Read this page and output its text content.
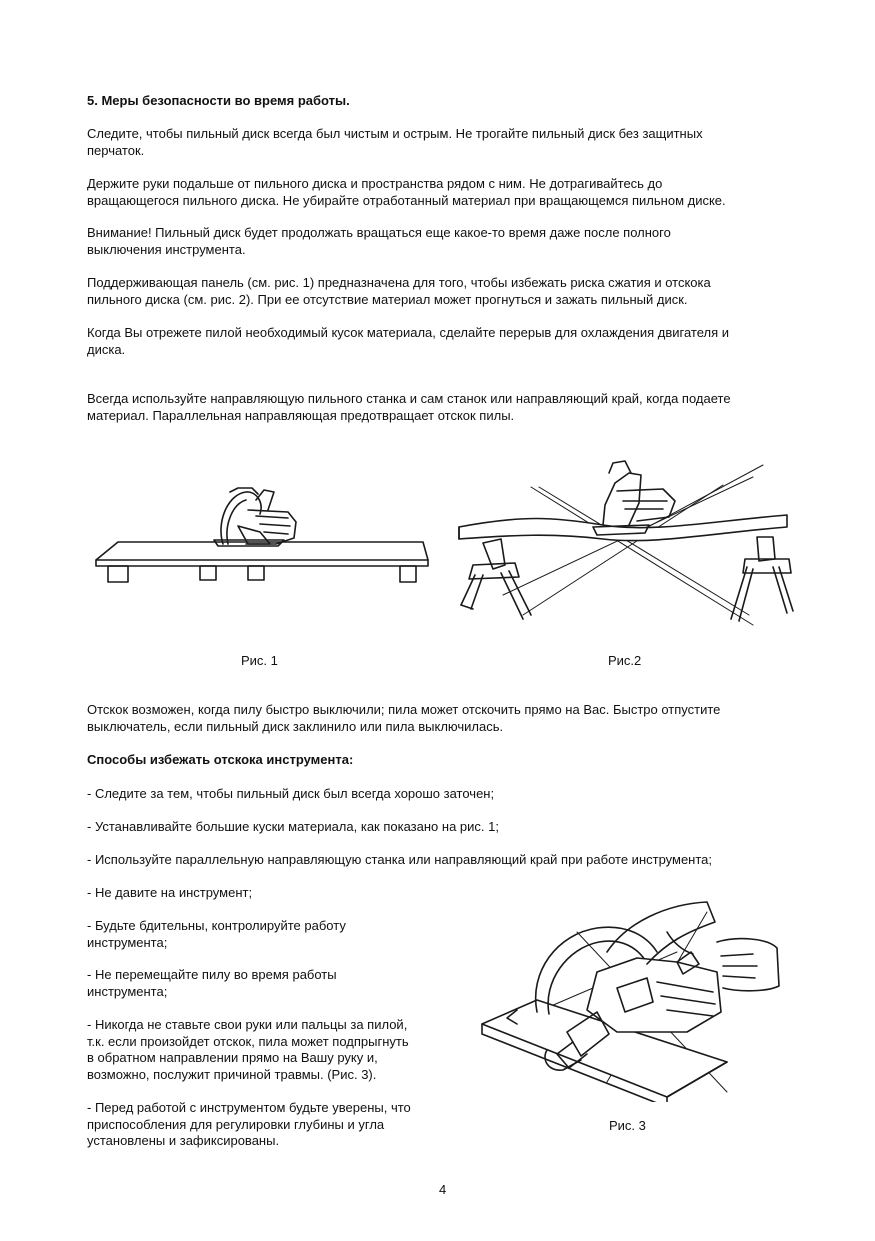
5. Меры безопасности во время работы.
Следите, чтобы пильный диск всегда был чистым и острым. Не трогайте пильный диск без защитных
перчаток.
Держите руки подальше от пильного диска и пространства рядом с ним. Не дотрагивайтесь до
вращающегося пильного диска. Не убирайте отработанный материал при вращающемся пильном диске.
Внимание! Пильный диск будет продолжать вращаться еще какое-то время даже после полного
выключения инструмента.
Поддерживающая панель (см. рис. 1) предназначена для того, чтобы избежать риска сжатия и отскока
пильного диска (см. рис. 2). При ее отсутствие материал может прогнуться и зажать пильный диск.
Когда Вы отрежете пилой необходимый кусок материала, сделайте перерыв для охлаждения двигателя и
диска.
Всегда используйте направляющую пильного станка и сам станок или направляющий край, когда подаете
материал. Параллельная направляющая предотвращает отскок пилы.
Рис. 1	Рис.2
Отскок возможен, когда пилу быстро выключили; пила может отскочить прямо на Вас. Быстро отпустите
выключатель, если пильный диск заклинило или пила выключилась.
Способы избежать отскока инструмента:
- Следите за тем, чтобы пильный диск был всегда хорошо заточен;
- Устанавливайте большие куски материала, как показано на рис. 1;
- Используйте параллельную направляющую станка или направляющий край при работе инструмента;
- Не давите на инструмент;
- Будьте бдительны, контролируйте работу
инструмента;
- Не перемещайте пилу во время работы
инструмента;
- Никогда не ставьте свои руки или пальцы за пилой,
т.к. если произойдет отскок, пила может подпрыгнуть
в обратном направлении прямо на Вашу руку и,
возможно, послужит причиной травмы. (Рис. 3).
- Перед работой с инструментом будьте уверены, что
приспособления для регулировки глубины и угла
установлены и зафиксированы.
Рис. 3
4
